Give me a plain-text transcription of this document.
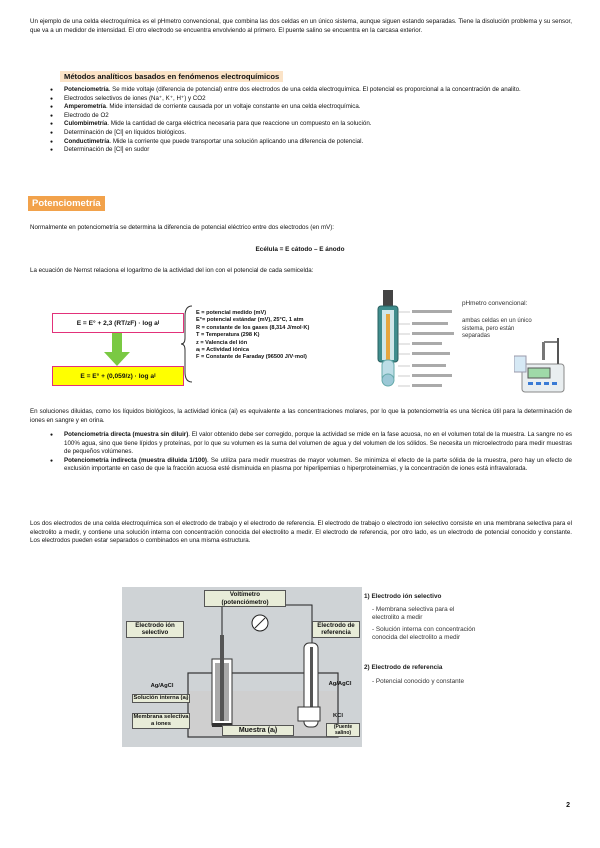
Un ejemplo de una celda electroquímica es el pHmetro convencional, que combina las dos celdas en un único sistema, aunque siguen estando separadas. Tiene la disolución problema y su sensor, que va a un medidor de intensidad. El otro electrodo se encuentra envolviendo al primero. El puente salino se encuentra en la carcasa exterior.

Métodos analíticos basados en fenómenos electroquímicos
● Potenciometría. Se mide voltaje (diferencia de potencial) entre dos electrodos de una celda electroquímica. El potencial es proporcional a la concentración de analito.
● Electrodos selectivos de iones (Na⁺, K⁺, H⁺) y CO2
● Amperometría. Mide intensidad de corriente causada por un voltaje constante en una celda electroquímica.
● Electrodo de O2
● Culombimetría. Mide la cantidad de carga eléctrica necesaria para que reaccione un compuesto en la solución.
● Determinación de [Cl] en líquidos biológicos.
● Conductimetría. Mide la corriente que puede transportar una solución aplicando una diferencia de potencial.
● Determinación de [Cl] en sudor
Potenciometría

Normalmente en potenciometría se determina la diferencia de potencial eléctrico entre dos electrodos (en mV):

Ecélula = E cátodo – E ánodo

La ecuación de Nernst relaciona el logaritmo de la actividad del ion con el potencial de cada semicelda:

E = E° + 2,3 (RT/zF) · log a i
E = E° + (0,059/z) · log a i
E = potencial medido (mV)
E°= potencial estándar (mV), 25°C, 1 atm
R = constante de los gases (8,314 J/mol·K)
T = Temperatura (298 K)
z = Valencia del ión
aᵢ = Actividad iónica
F = Constante de Faraday (96500 J/V·mol)
pHmetro convencional:
ambas celdas en un único sistema, pero están separadas

En soluciones diluidas, como los líquidos biológicos, la actividad iónica (ai) es equivalente a las concentraciones molares, por lo que la potenciometría es una técnica útil para la determinación de iones en sangre y en orina.

● Potenciometría directa (muestra sin diluir). El valor obtenido debe ser corregido, porque la actividad se mide en la fase acuosa, no en el volumen total de la muestra. La sangre no es 100% agua, sino que tiene lípidos y proteínas, por lo que su volumen es la suma del volumen de agua y del volumen de los sólidos. Se necesita un microelectrodo para medir muestras de pequeños volúmenes.
● Potenciometría indirecta (muestra diluida 1/100). Se utiliza para medir muestras de mayor volumen. Se minimiza el efecto de la parte sólida de la muestra, pero hay un efecto de exclusión importante en caso de que la fracción acuosa esté disminuida en plasma por hiperlipemias o hiperproteinemias, y la concentración de iones está infravalorada.

Los dos electrodos de una celda electroquímica son el electrodo de trabajo y el electrodo de referencia. El electrodo de trabajo o electrodo ion selectivo consiste en una membrana selectiva para el electrolito a medir, y contiene una solución interna con concentración conocida del electrolito a medir. El electrodo de referencia, por otro lado, es un electrodo de potencial conocido y constante. Los electrodos pueden estar separados o combinados en una misma estructura.

Voltímetro
(potenciómetro)
Electrodo ión selectivo
Electrodo de referencia
Ag/AgCl	Ag/AgCl
Solución interna (aᵢ)
Membrana selectiva a iones
KCl
(Puente salino)
Muestra (aᵢ)
1) Electrodo ión selectivo
- Membrana selectiva para el electrolito a medir
- Solución interna con concentración conocida del electrolito a medir
2) Electrodo de referencia
- Potencial conocido y constante
2
